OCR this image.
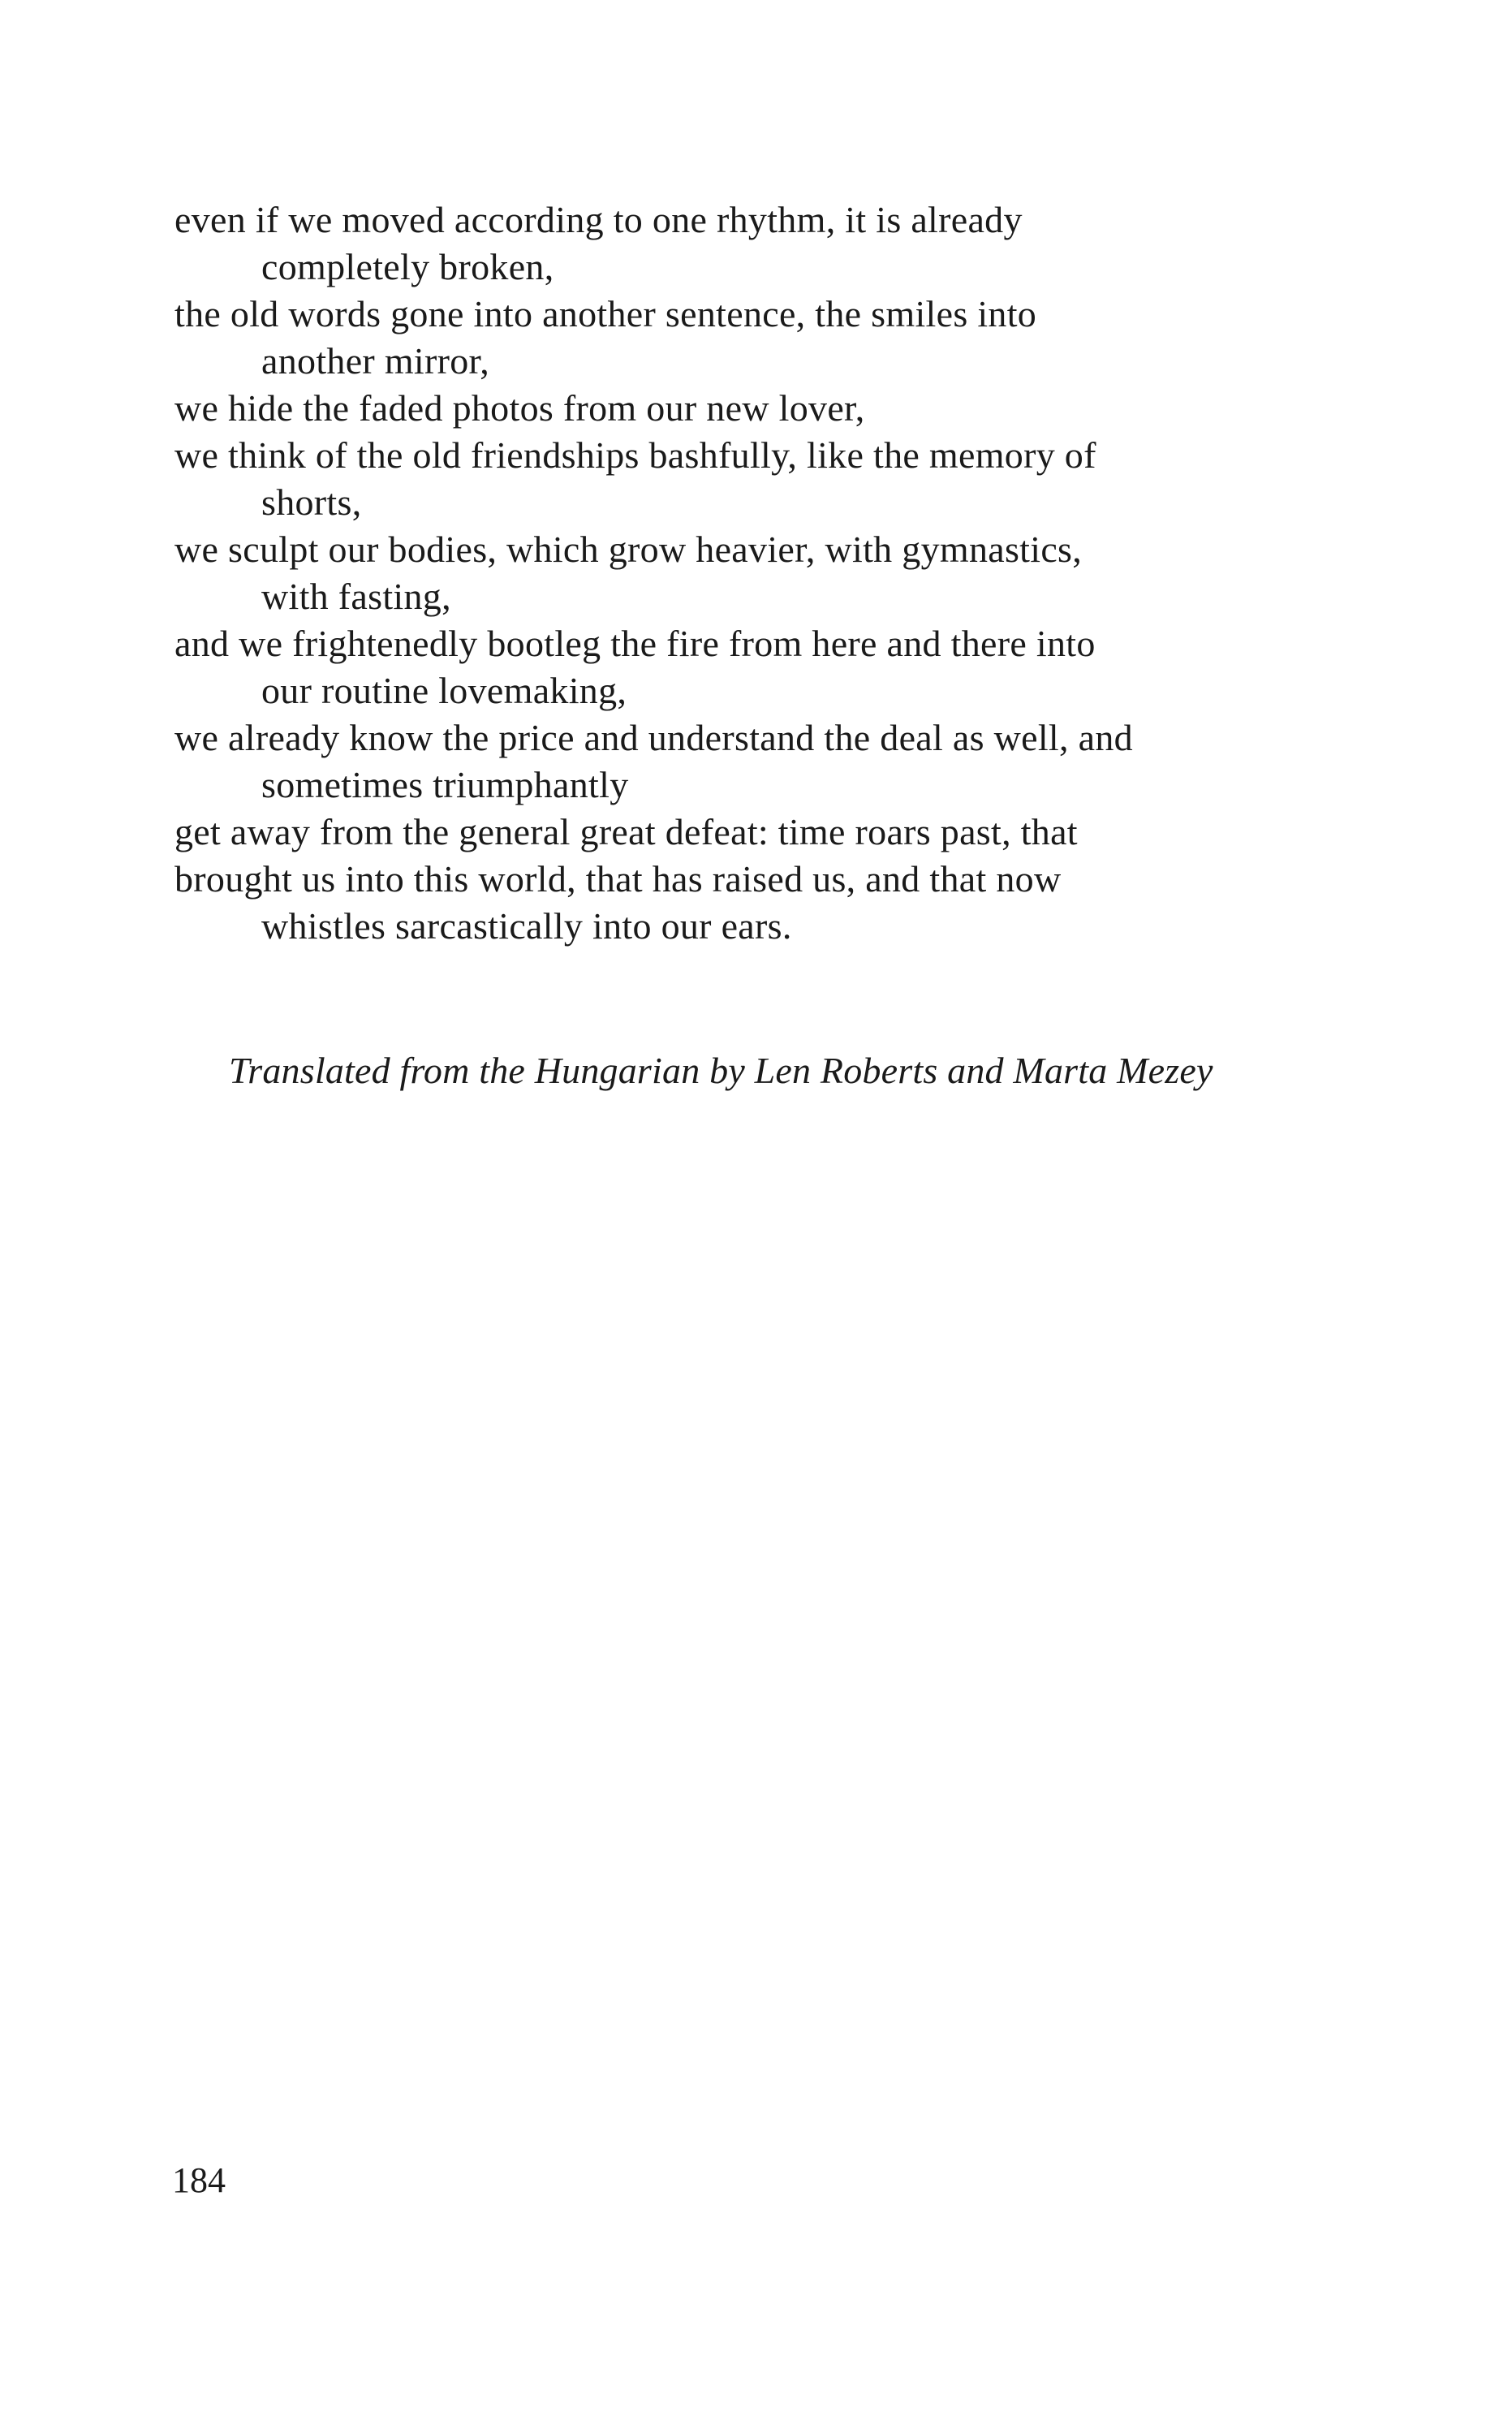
even if we moved according to one rhythm, it is already
completely broken,
the old words gone into another sentence, the smiles into
another mirror,
we hide the faded photos from our new lover,
we think of the old friendships bashfully, like the memory of
shorts,
we sculpt our bodies, which grow heavier, with gymnastics,
with fasting,
and we frightenedly bootleg the fire from here and there into
our routine lovemaking,
we already know the price and understand the deal as well, and
sometimes triumphantly
get away from the general great defeat: time roars past, that
brought us into this world, that has raised us, and that now
whistles sarcastically into our ears.
Translated from the Hungarian by Len Roberts and Marta Mezey
184
